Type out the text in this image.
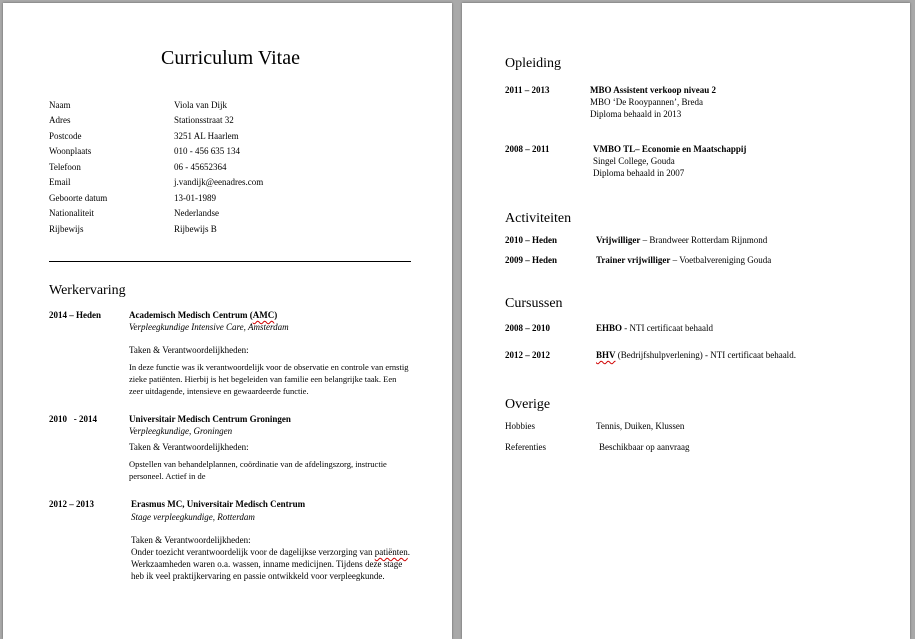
Curriculum Vitae
Naam	Viola van Dijk
Adres	Stationsstraat 32
Postcode	3251 AL Haarlem
Woonplaats	010 - 456 635 134
Telefoon	06 - 45652364
Email	j.vandijk@eenadres.com
Geboorte datum	13-01-1989
Nationaliteit	Nederlandse
Rijbewijs	Rijbewijs B
Werkervaring
2014 – Heden	Academisch Medisch Centrum (AMC)
Verpleegkundige Intensive Care, Amsterdam
Taken & Verantwoordelijkheden:
In deze functie was ik verantwoordelijk voor de observatie en controle van ernstig zieke patiënten. Hierbij is het begeleiden van familie een belangrijke taak. Een zeer uitdagende, intensieve en gewaardeerde functie.
2010   - 2014	Universitair Medisch Centrum Groningen
Verpleegkundige, Groningen
Taken & Verantwoordelijkheden:
Opstellen van behandelplannen, coördinatie van de afdelingszorg, instructie personeel. Actief in de
2012 – 2013	Erasmus MC, Universitair Medisch Centrum
Stage verpleegkundige, Rotterdam
Taken & Verantwoordelijkheden:
Onder toezicht verantwoordelijk voor de dagelijkse verzorging van patiënten.
Werkzaamheden waren o.a. wassen, inname medicijnen. Tijdens deze stage
heb ik veel praktijkervaring en passie ontwikkeld voor verpleegkunde.
Opleiding
2011 – 2013	MBO Assistent verkoop niveau 2
MBO ‘De Rooypannen’, Breda
Diploma behaald in 2013
2008 – 2011	VMBO TL– Economie en Maatschappij
Singel College, Gouda
Diploma behaald in 2007
Activiteiten
2010 – Heden	Vrijwilliger – Brandweer Rotterdam Rijnmond
2009 – Heden	Trainer vrijwilliger – Voetbalvereniging Gouda
Cursussen
2008 – 2010	EHBO - NTI certificaat behaald
2012 – 2012	BHV (Bedrijfshulpverlening) - NTI certificaat behaald.
Overige
Hobbies	Tennis, Duiken, Klussen
Referenties	Beschikbaar op aanvraag
